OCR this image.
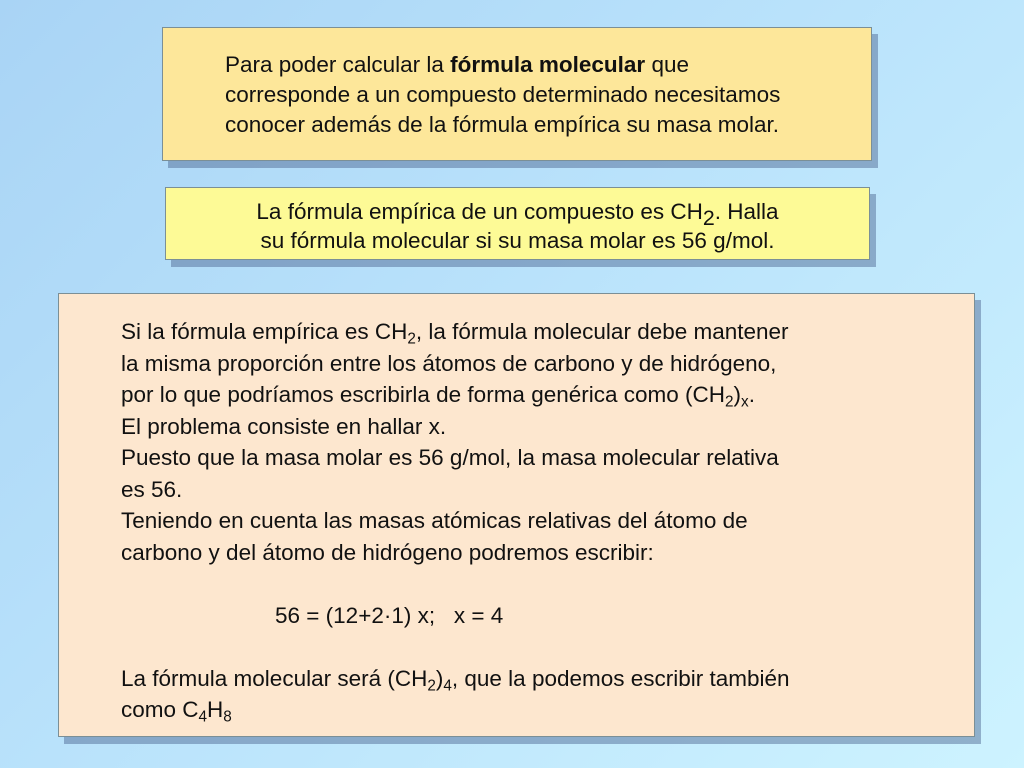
Para poder calcular la fórmula molecular que
corresponde a un compuesto determinado necesitamos
conocer además de la fórmula empírica su masa molar.
La fórmula empírica de un compuesto es CH2. Halla
su fórmula molecular si su masa molar es 56 g/mol.
Si la fórmula empírica es $CH_2$, la fórmula molecular debe mantener
la misma proporción entre los átomos de carbono y de hidrógeno,
por lo que podríamos escribirla de forma genérica como $(CH_2)_x$.
El problema consiste en hallar x.
Puesto que la masa molar es 56 g/mol, la masa molecular relativa
es 56.
Teniendo en cuenta las masas atómicas relativas del átomo de
carbono y del átomo de hidrógeno podremos escribir:
56 = (12+2·1) x;   x = 4
La fórmula molecular será $(CH_2)_4$, que la podemos escribir también
como $C_4H_8$
